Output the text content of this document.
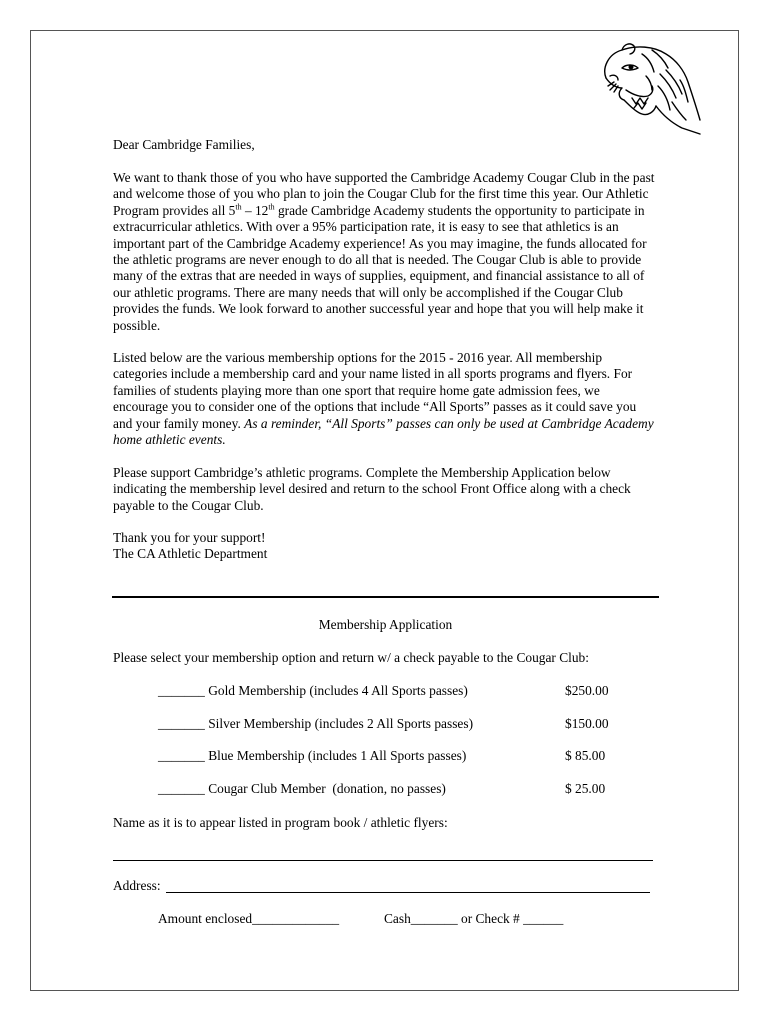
Dear Cambridge Families,
We want to thank those of you who have supported the Cambridge Academy Cougar Club in the past and welcome those of you who plan to join the Cougar Club for the first time this year. Our Athletic Program provides all 5th – 12th grade Cambridge Academy students the opportunity to participate in extracurricular athletics. With over a 95% participation rate, it is easy to see that athletics is an important part of the Cambridge Academy experience! As you may imagine, the funds allocated for the athletic programs are never enough to do all that is needed. The Cougar Club is able to provide many of the extras that are needed in ways of supplies, equipment, and financial assistance to all of our athletic programs. There are many needs that will only be accomplished if the Cougar Club provides the funds. We look forward to another successful year and hope that you will help make it possible.
Listed below are the various membership options for the 2015 - 2016 year. All membership categories include a membership card and your name listed in all sports programs and flyers. For families of students playing more than one sport that require home gate admission fees, we encourage you to consider one of the options that include “All Sports” passes as it could save you and your family money. As a reminder, “All Sports” passes can only be used at Cambridge Academy home athletic events.
Please support Cambridge’s athletic programs. Complete the Membership Application below indicating the membership level desired and return to the school Front Office along with a check payable to the Cougar Club.

Thank you for your support!

The CA Athletic Department

Membership Application
Please select your membership option and return w/ a check payable to the Cougar Club:
_______ Gold Membership (includes 4 All Sports passes)	$250.00
_______ Silver Membership (includes 2 All Sports passes)	$150.00
_______ Blue Membership (includes 1 All Sports passes)	$ 85.00
_______ Cougar Club Member  (donation, no passes)	$ 25.00
Name as it is to appear listed in program book / athletic flyers:
Address:
Amount enclosed_____________	Cash_______ or Check # ______
